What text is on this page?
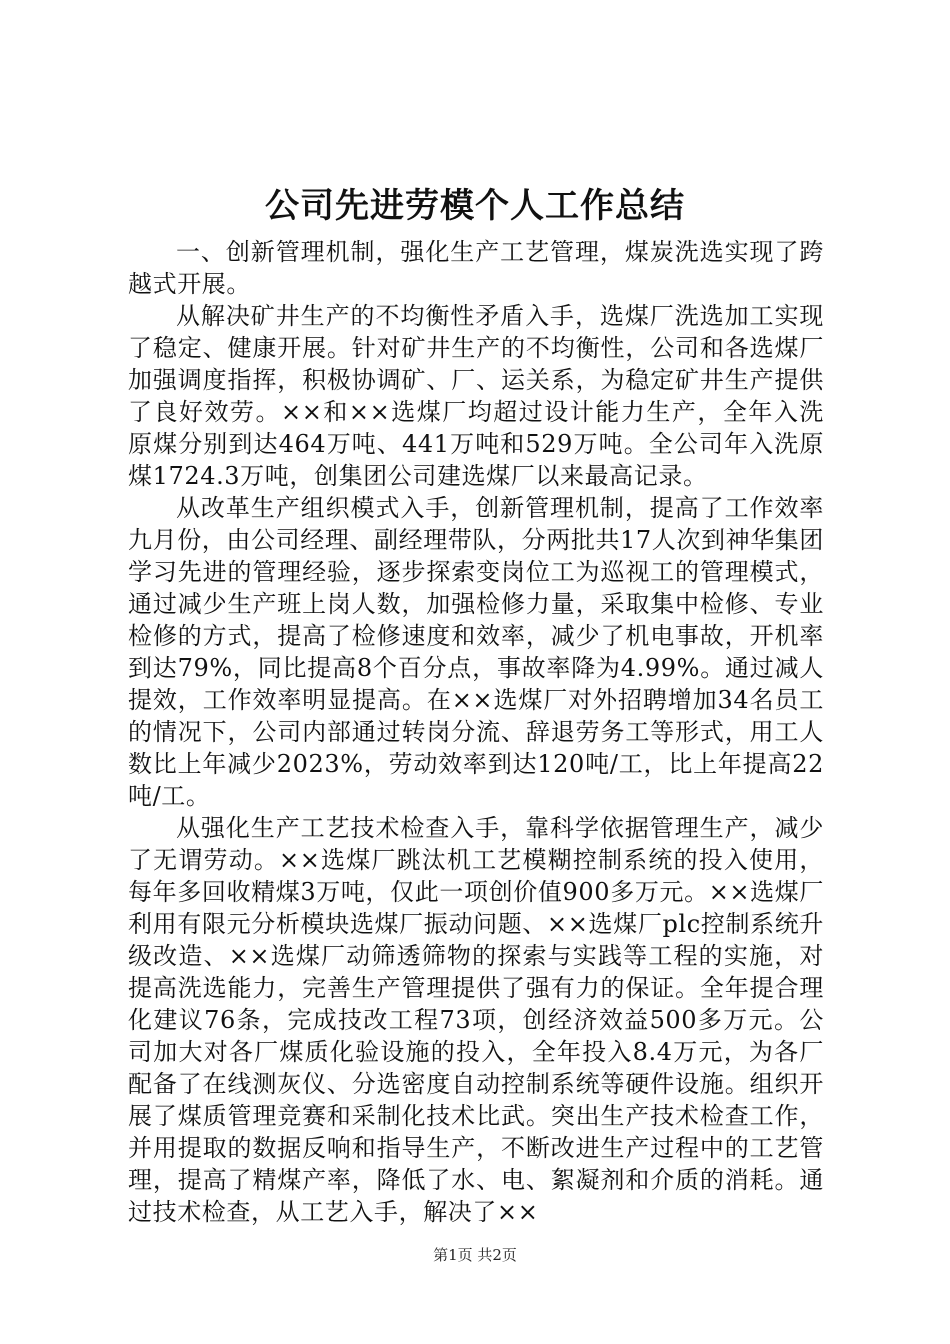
公司先进劳模个人工作总结

一、创新管理机制，强化生产工艺管理，煤炭洗选实现了跨越式开展。

从解决矿井生产的不均衡性矛盾入手，选煤厂洗选加工实现了稳定、健康开展。针对矿井生产的不均衡性，公司和各选煤厂加强调度指挥，积极协调矿、厂、运关系，为稳定矿井生产提供了良好效劳。××和××选煤厂均超过设计能力生产，全年入洗原煤分别到达464万吨、441万吨和529万吨。全公司年入洗原煤1724.3万吨，创集团公司建选煤厂以来最高记录。

从改革生产组织模式入手，创新管理机制，提高了工作效率九月份，由公司经理、副经理带队，分两批共17人次到神华集团学习先进的管理经验，逐步探索变岗位工为巡视工的管理模式，通过减少生产班上岗人数，加强检修力量，采取集中检修、专业检修的方式，提高了检修速度和效率，减少了机电事故，开机率到达79%，同比提高8个百分点，事故率降为4.99%。通过减人提效，工作效率明显提高。在××选煤厂对外招聘增加34名员工的情况下，公司内部通过转岗分流、辞退劳务工等形式，用工人数比上年减少2023%，劳动效率到达120吨/工，比上年提高22吨/工。

从强化生产工艺技术检查入手，靠科学依据管理生产，减少了无谓劳动。××选煤厂跳汰机工艺模糊控制系统的投入使用，每年多回收精煤3万吨，仅此一项创价值900多万元。××选煤厂利用有限元分析模块选煤厂振动问题、××选煤厂plc控制系统升级改造、××选煤厂动筛透筛物的探索与实践等工程的实施，对提高洗选能力，完善生产管理提供了强有力的保证。全年提合理化建议76条，完成技改工程73项，创经济效益500多万元。公司加大对各厂煤质化验设施的投入，全年投入8.4万元，为各厂配备了在线测灰仪、分选密度自动控制系统等硬件设施。组织开展了煤质管理竞赛和采制化技术比武。突出生产技术检查工作，并用提取的数据反响和指导生产，不断改进生产过程中的工艺管理，提高了精煤产率，降低了水、电、絮凝剂和介质的消耗。通过技术检查，从工艺入手，解决了××

第1页 共2页
